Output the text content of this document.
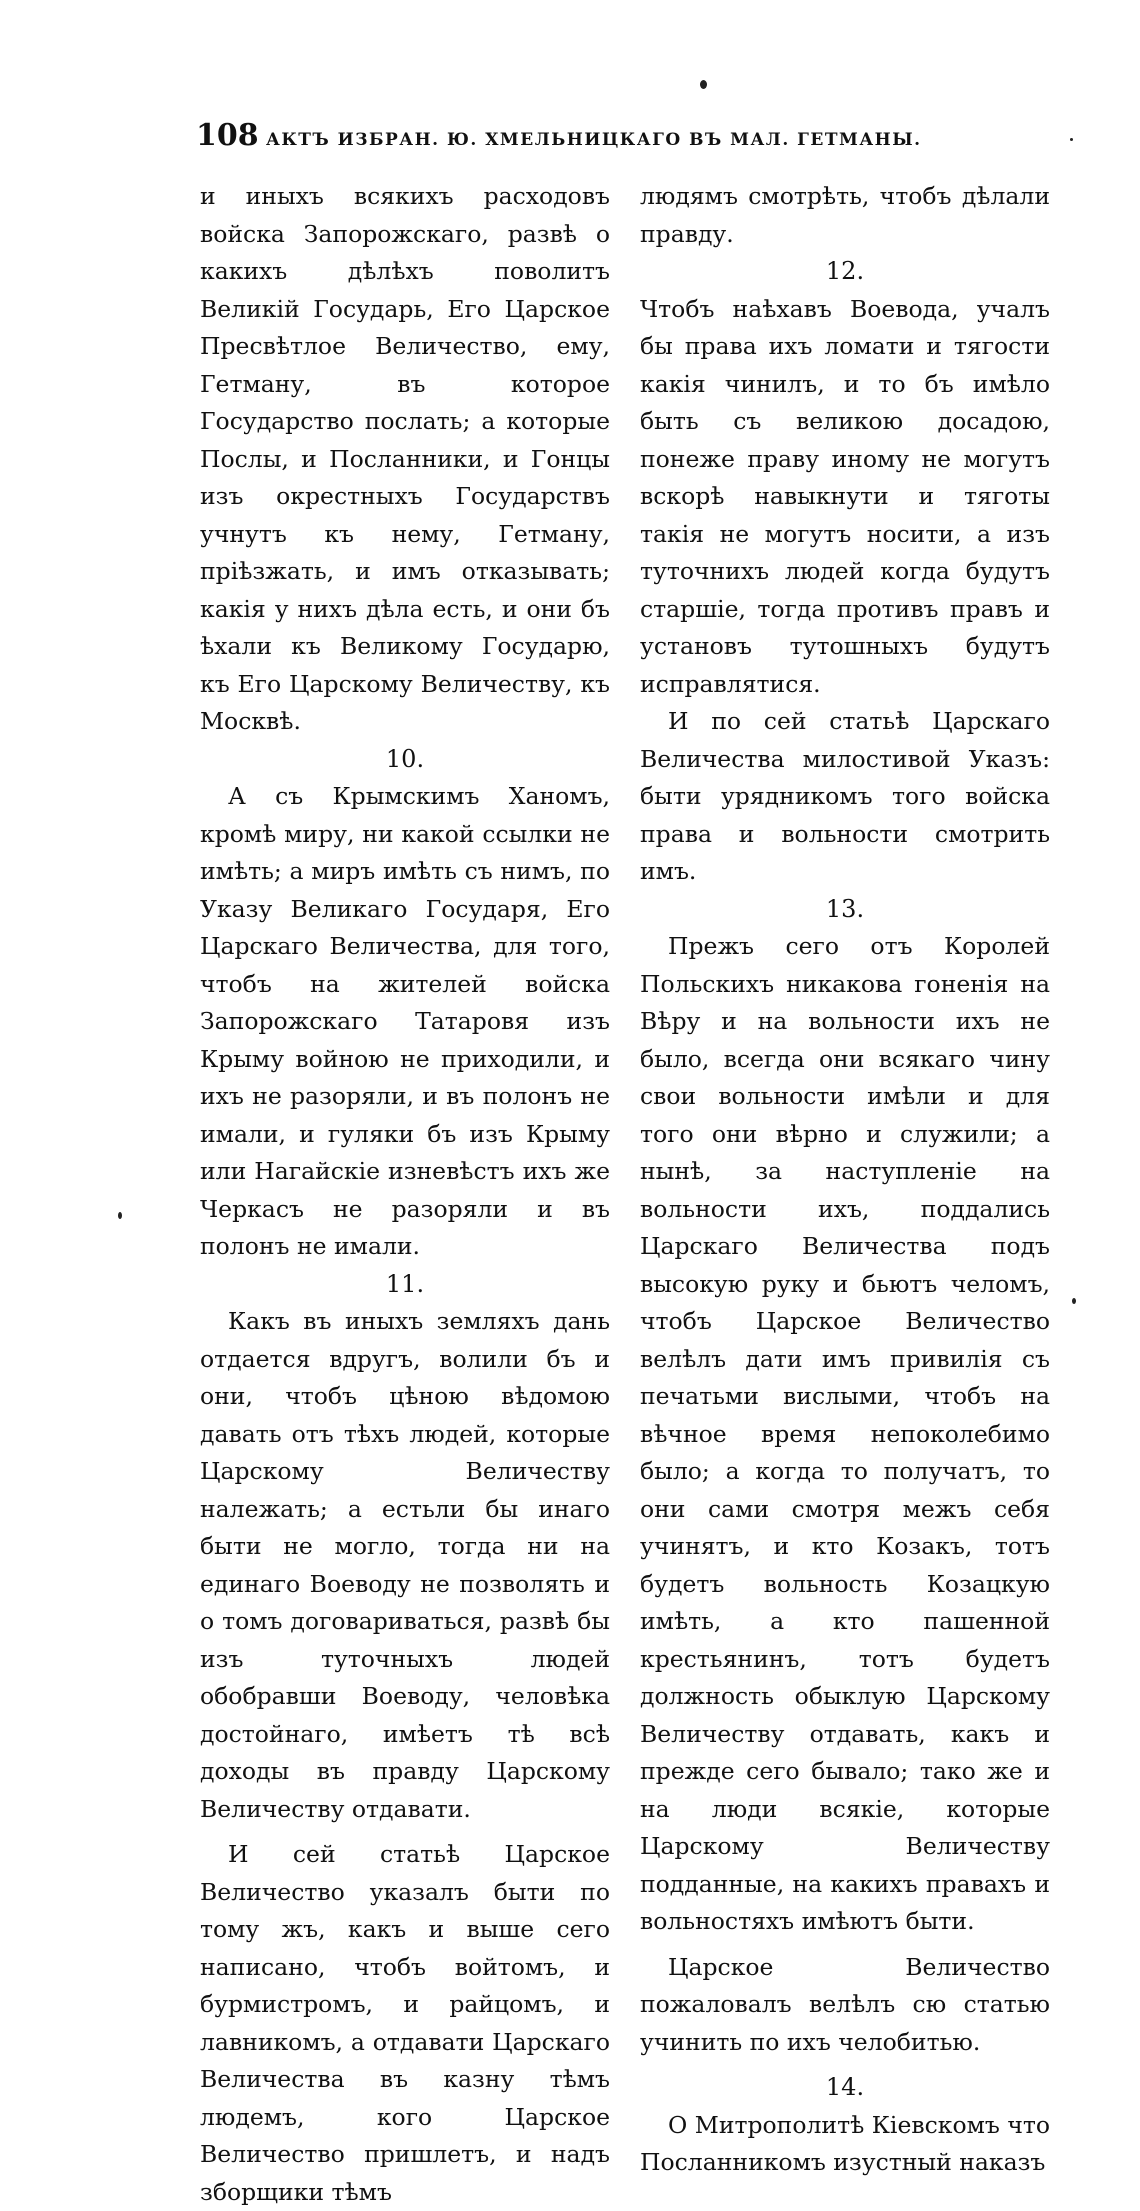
108 АКТЪ ИЗБРАН. Ю. ХМЕЛЬНИЦКАГО ВЪ МАЛ. ГЕТМАНЫ.

и иныхъ всякихъ расходовъ войска Запорожскаго, развѣ о какихъ дѣлѣхъ поволитъ Великій Государь, Его Царское Пресвѣтлое Величество, ему, Гетману, въ которое Государство послать; а которые Послы, и Посланники, и Гонцы изъ окрестныхъ Государствъ учнутъ къ нему, Гетману, пріѣзжать, и имъ отказывать; какія у нихъ дѣла есть, и они бъ ѣхали къ Великому Государю, къ Его Царскому Величеству, къ Москвѣ.

10.

А съ Крымскимъ Ханомъ, кромѣ миру, ни какой ссылки не имѣть; а миръ имѣть съ нимъ, по Указу Великаго Государя, Его Царскаго Величества, для того, чтобъ на жителей войска Запорожскаго Татаровя изъ Крыму войною не приходили, и ихъ не разоряли, и въ полонъ не имали, и гуляки бъ изъ Крыму или Нагайскіе изневѣстъ ихъ же Черкасъ не разоряли и въ полонъ не имали.

11.

Какъ въ иныхъ земляхъ дань отдается вдругъ, волили бъ и они, чтобъ цѣною вѣдомою давать отъ тѣхъ людей, которые Царскому Величеству належать; а естьли бы инаго быти не могло, тогда ни на единаго Воеводу не позволять и о томъ договариваться, развѣ бы изъ туточныхъ людей обобравши Воеводу, человѣка достойнаго, имѣетъ тѣ всѣ доходы въ правду Царскому Величеству отдавати.

И сей статьѣ Царское Величество указалъ быти по тому жъ, какъ и выше сего написано, чтобъ войтомъ, и бурмистромъ, и райцомъ, и лавникомъ, а отдавати Царскаго Величества въ казну тѣмъ людемъ, кого Царское Величество пришлетъ, и надъ зборщики тѣмъ

людямъ смотрѣть, чтобъ дѣлали правду.

12.

Чтобъ наѣхавъ Воевода, учалъ бы права ихъ ломати и тягости какія чинилъ, и то бъ имѣло быть съ великою досадою, понеже праву иному не могутъ вскорѣ навыкнути и тяготы такія не могутъ носити, а изъ туточнихъ людей когда будутъ старшіе, тогда противъ правъ и установъ тутошныхъ будутъ исправлятися.

И по сей статьѣ Царскаго Величества милостивой Указъ: быти урядникомъ того войска права и вольности смотрить имъ.

13.

Прежъ сего отъ Королей Польскихъ никакова гоненія на Вѣру и на вольности ихъ не было, всегда они всякаго чину свои вольности имѣли и для того они вѣрно и служили; а нынѣ, за наступленіе на вольности ихъ, поддались Царскаго Величества подъ высокую руку и бьютъ челомъ, чтобъ Царское Величество велѣлъ дати имъ привилія съ печатьми вислыми, чтобъ на вѣчное время непоколебимо было; а когда то получатъ, то они сами смотря межъ себя учинятъ, и кто Козакъ, тотъ будетъ вольность Козацкую имѣть, а кто пашенной крестьянинъ, тотъ будетъ должность обыклую Царскому Величеству отдавать, какъ и прежде сего бывало; тако же и на люди всякіе, которые Царскому Величеству подданные, на какихъ правахъ и вольностяхъ имѣютъ быти.

Царское Величество пожаловалъ велѣлъ сю статью учинить по ихъ челобитью.

14.

О Митрополитѣ Кіевскомъ что Посланникомъ изустный наказъ
